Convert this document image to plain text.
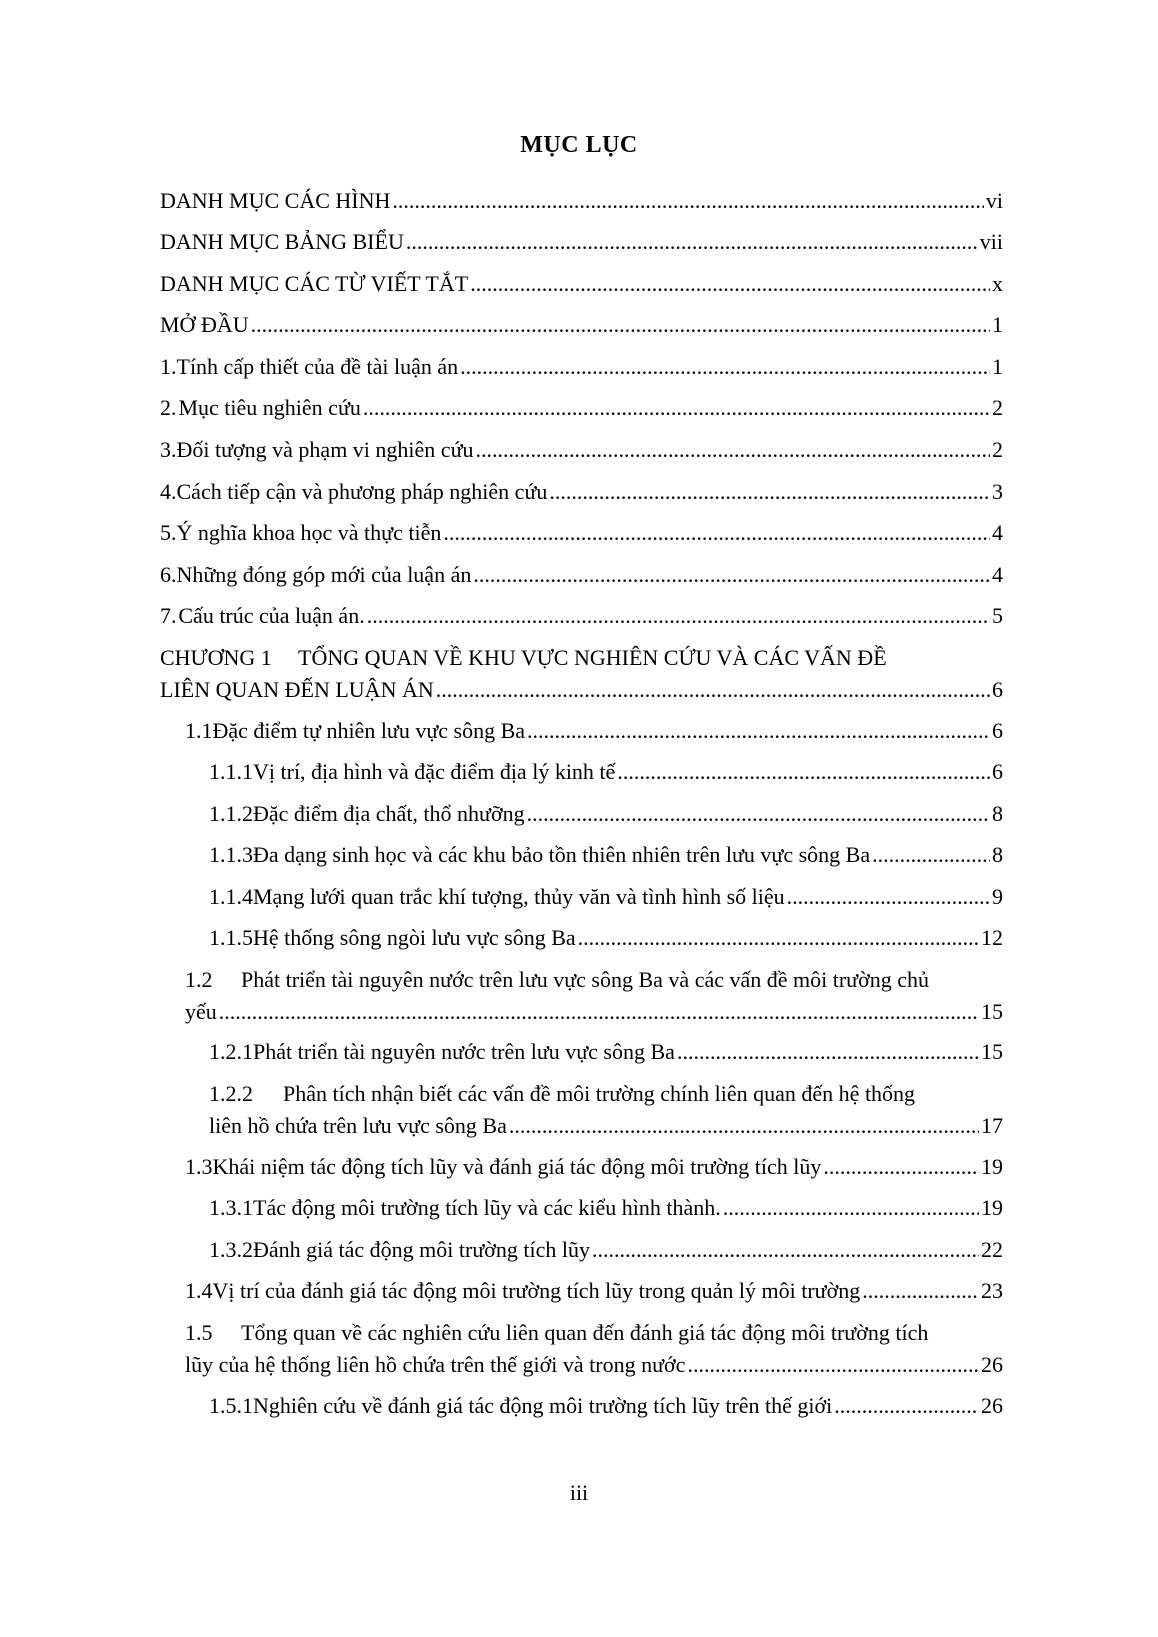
MỤC LỤC
DANH MỤC CÁC HÌNH .....	vi
DANH MỤC BẢNG BIỂU .....	vii
DANH MỤC CÁC TỪ VIẾT TẮT .....	x
MỞ ĐẦU .....	1
1. Tính cấp thiết của đề tài luận án .....	1
2. Mục tiêu nghiên cứu .....	2
3. Đối tượng và phạm vi nghiên cứu .....	2
4. Cách tiếp cận và phương pháp nghiên cứu .....	3
5. Ý nghĩa khoa học và thực tiễn .....	4
6. Những đóng góp mới của luận án .....	4
7. Cấu trúc của luận án. .....	5
CHƯƠNG 1	TỔNG QUAN VỀ KHU VỰC NGHIÊN CỨU VÀ CÁC VẤN ĐỀ
LIÊN QUAN ĐẾN LUẬN ÁN .....	6
1.1 Đặc điểm tự nhiên lưu vực sông Ba .....	6
1.1.1 Vị trí, địa hình và đặc điểm địa lý kinh tế .....	6
1.1.2 Đặc điểm địa chất, thổ nhưỡng .....	8
1.1.3 Đa dạng sinh học và các khu bảo tồn thiên nhiên trên lưu vực sông Ba .....	8
1.1.4 Mạng lưới quan trắc khí tượng, thủy văn và tình hình số liệu .....	9
1.1.5 Hệ thống sông ngòi lưu vực sông Ba .....	12
1.2	Phát triển tài nguyên nước trên lưu vực sông Ba và các vấn đề môi trường chủ
yếu .....	15
1.2.1 Phát triển tài nguyên nước trên lưu vực sông Ba .....	15
1.2.2	Phân tích nhận biết các vấn đề môi trường chính liên quan đến hệ thống
liên hồ chứa trên lưu vực sông Ba .....	17
1.3 Khái niệm tác động tích lũy và đánh giá tác động môi trường tích lũy .....	19
1.3.1 Tác động môi trường tích lũy và các kiểu hình thành. .....	19
1.3.2 Đánh giá tác động môi trường tích lũy .....	22
1.4 Vị trí của đánh giá tác động môi trường tích lũy trong quản lý môi trường .....	23
1.5	Tổng quan về các nghiên cứu liên quan đến đánh giá tác động môi trường tích
lũy của hệ thống liên hồ chứa trên thế giới và trong nước .....	26
1.5.1 Nghiên cứu về đánh giá tác động môi trường tích lũy trên thế giới .....	26
iii
